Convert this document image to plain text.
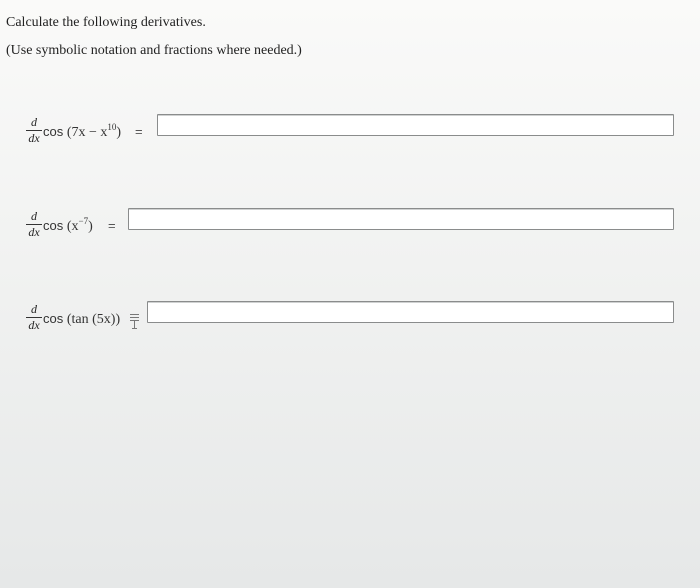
Calculate the following derivatives.
(Use symbolic notation and fractions where needed.)
d
dx $\cos (7x - x^{10})$ =
d
dx $\cos (x^{-7})$ =
d
dx cos (tan (5x))
